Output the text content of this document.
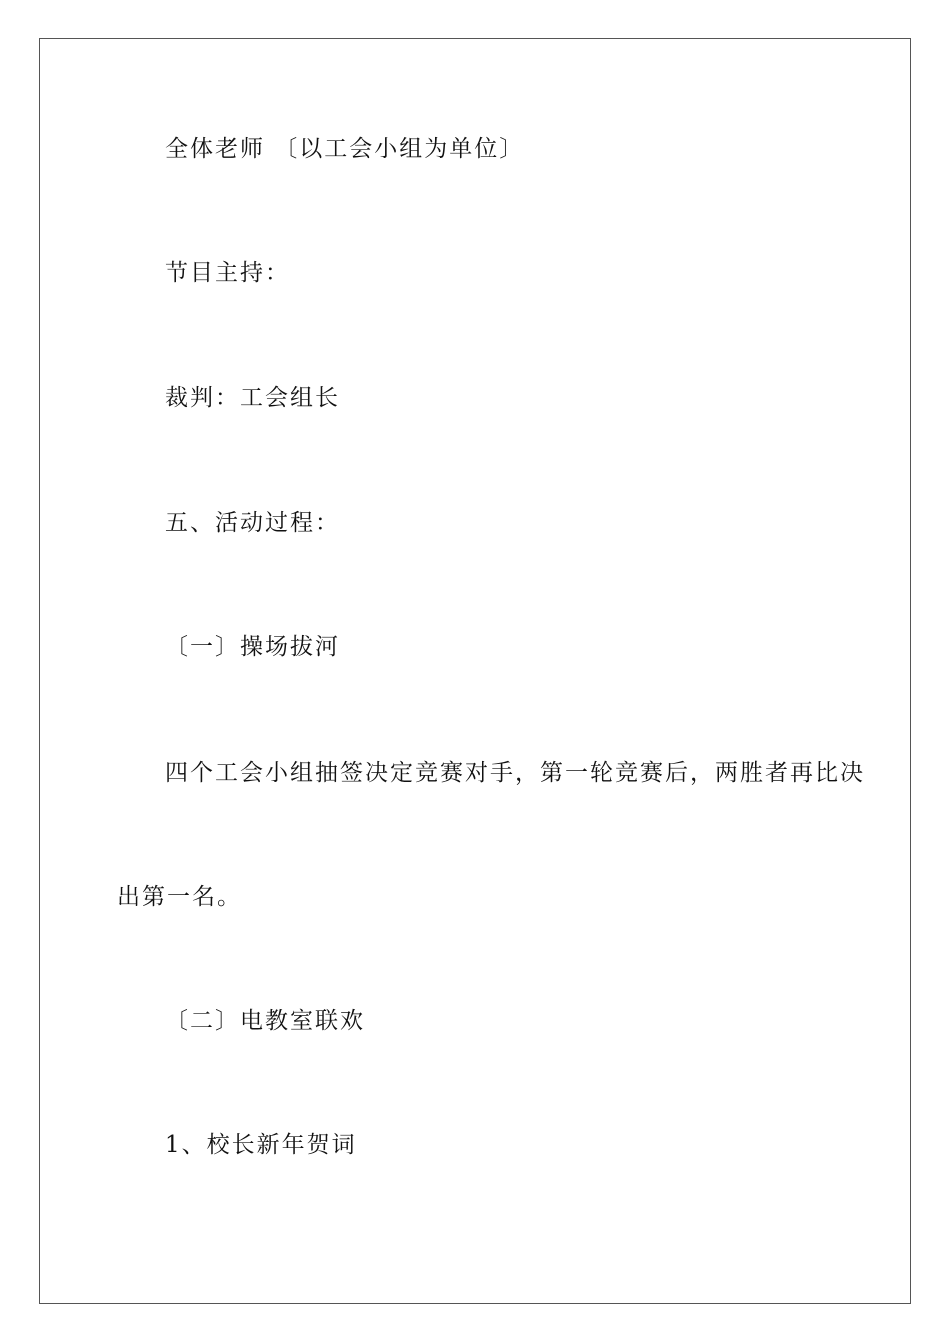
全体老师 〔以工会小组为单位〕
节目主持：
裁判：工会组长
五、活动过程：
〔一〕操场拔河
四个工会小组抽签决定竞赛对手，第一轮竞赛后，两胜者再比决
出第一名。
〔二〕电教室联欢
1、校长新年贺词
